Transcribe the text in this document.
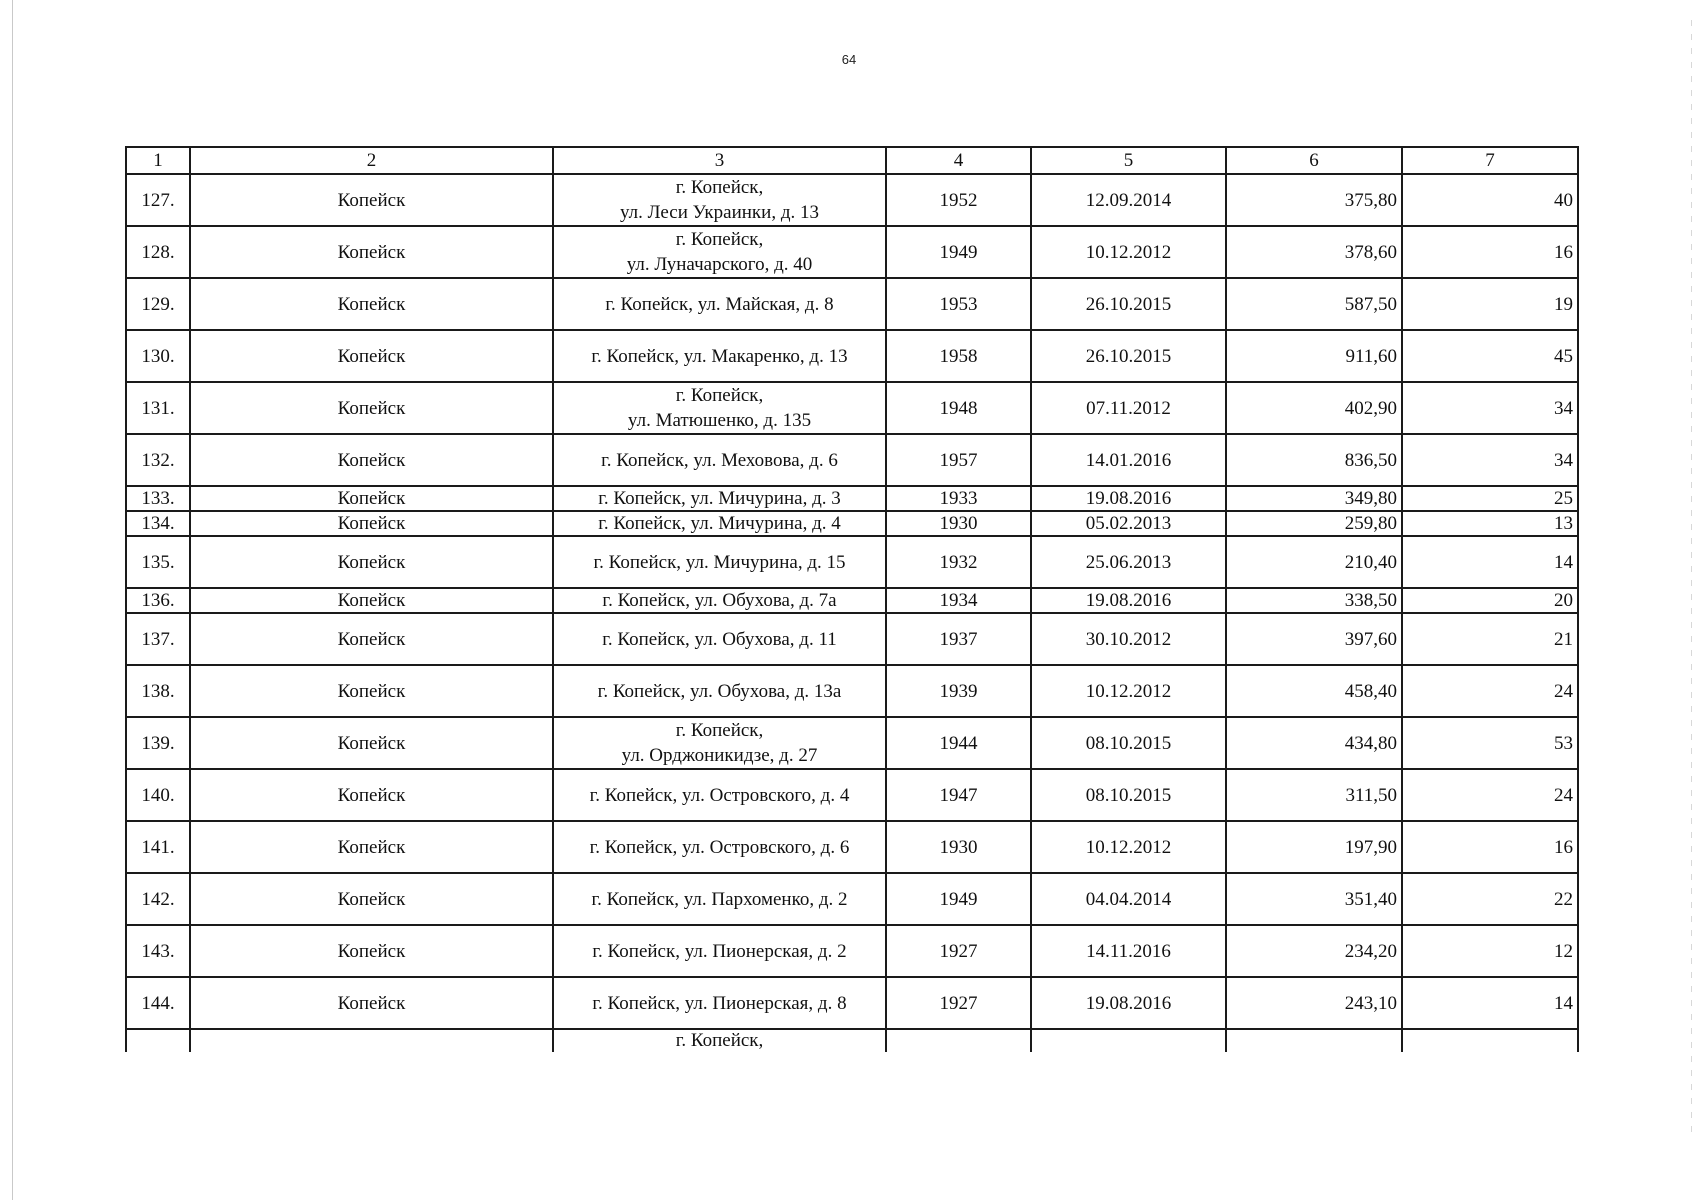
64
1	2	3	4	5	6	7
127.	Копейск	г. Копейск,
ул. Леси Украинки, д. 13	1952	12.09.2014	375,80	40
128.	Копейск	г. Копейск,
ул. Луначарского, д. 40	1949	10.12.2012	378,60	16
129.	Копейск	г. Копейск, ул. Майская, д. 8	1953	26.10.2015	587,50	19
130.	Копейск	г. Копейск, ул. Макаренко, д. 13	1958	26.10.2015	911,60	45
131.	Копейск	г. Копейск,
ул. Матюшенко, д. 135	1948	07.11.2012	402,90	34
132.	Копейск	г. Копейск, ул. Меховова, д. 6	1957	14.01.2016	836,50	34
133.	Копейск	г. Копейск, ул. Мичурина, д. 3	1933	19.08.2016	349,80	25
134.	Копейск	г. Копейск, ул. Мичурина, д. 4	1930	05.02.2013	259,80	13
135.	Копейск	г. Копейск, ул. Мичурина, д. 15	1932	25.06.2013	210,40	14
136.	Копейск	г. Копейск, ул. Обухова, д. 7а	1934	19.08.2016	338,50	20
137.	Копейск	г. Копейск, ул. Обухова, д. 11	1937	30.10.2012	397,60	21
138.	Копейск	г. Копейск, ул. Обухова, д. 13а	1939	10.12.2012	458,40	24
139.	Копейск	г. Копейск,
ул. Орджоникидзе, д. 27	1944	08.10.2015	434,80	53
140.	Копейск	г. Копейск, ул. Островского, д. 4	1947	08.10.2015	311,50	24
141.	Копейск	г. Копейск, ул. Островского, д. 6	1930	10.12.2012	197,90	16
142.	Копейск	г. Копейск, ул. Пархоменко, д. 2	1949	04.04.2014	351,40	22
143.	Копейск	г. Копейск, ул. Пионерская, д. 2	1927	14.11.2016	234,20	12
144.	Копейск	г. Копейск, ул. Пионерская, д. 8	1927	19.08.2016	243,10	14
		г. Копейск,				
